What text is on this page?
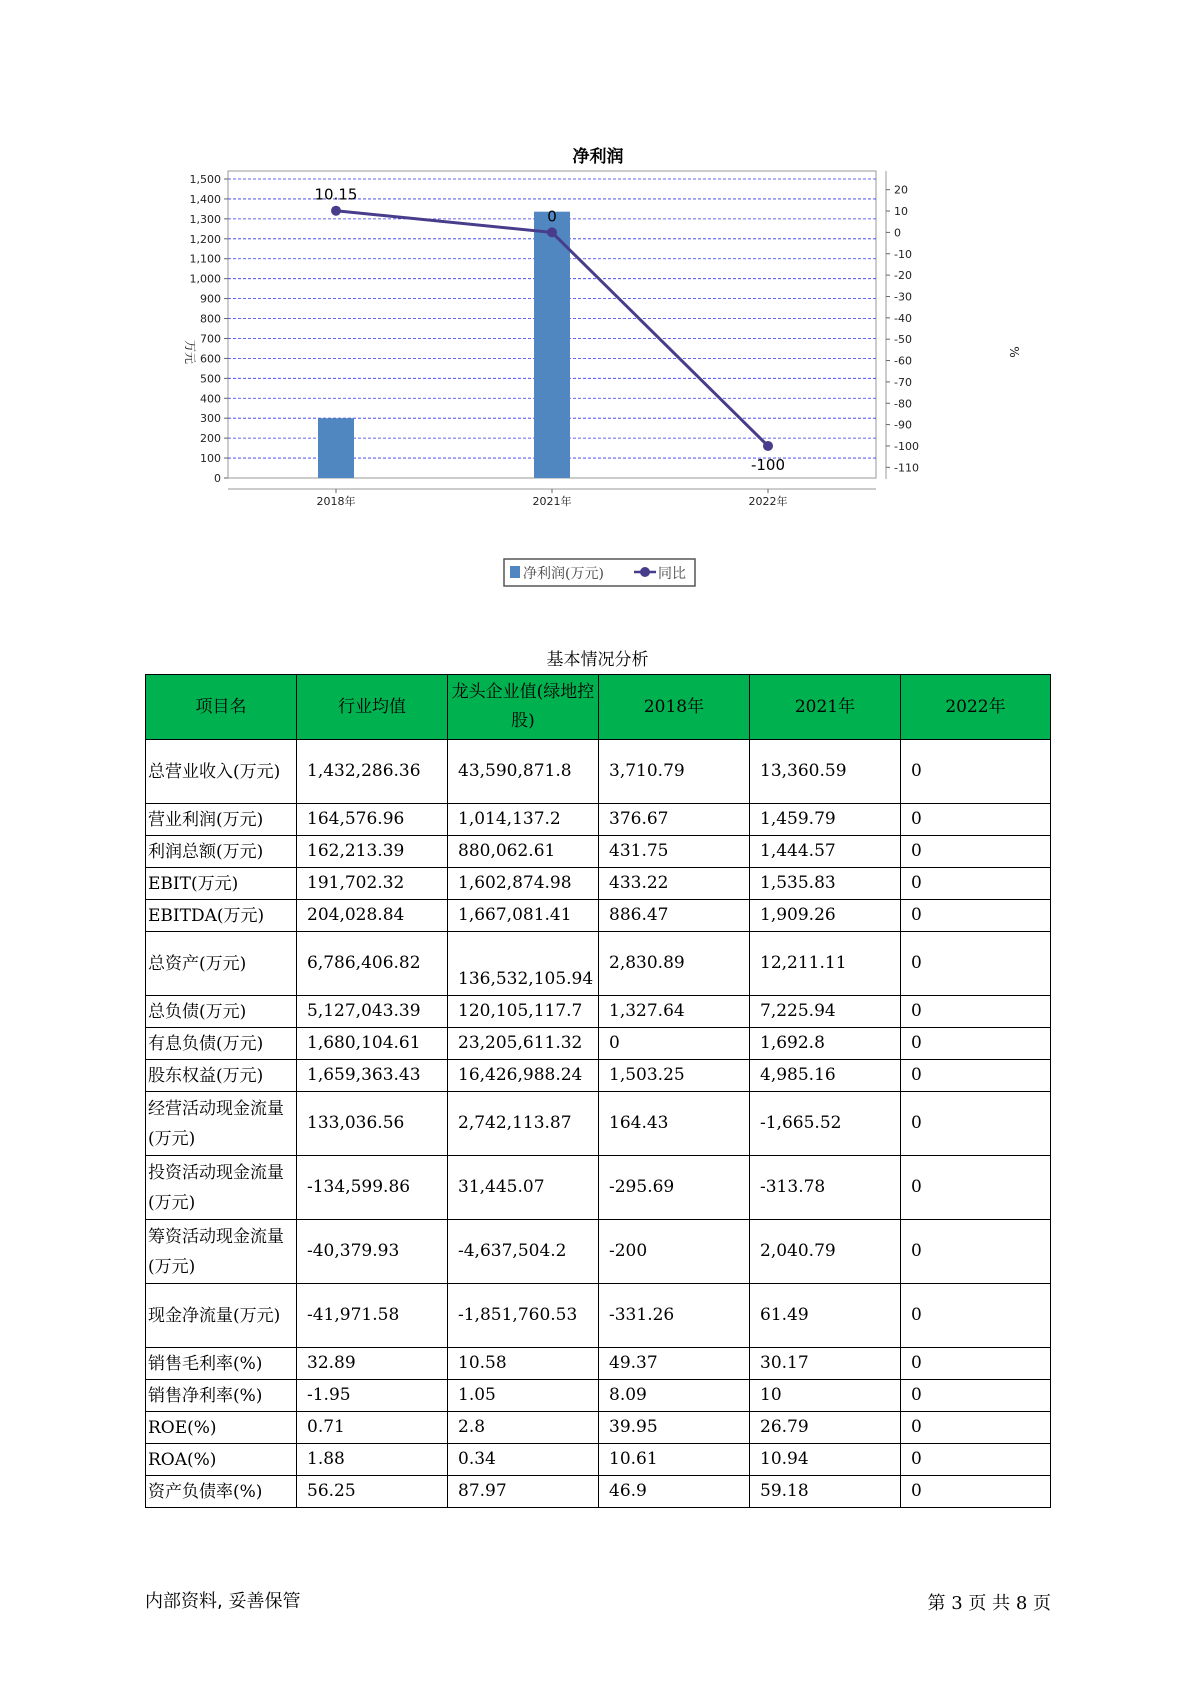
净利润
0
100
200
300
400
500
600
700
800
900
1,000
1,100
1,200
1,300
1,400
1,500
20
10
0
-10
-20
-30
-40
-50
-60
-70
-80
-90
-100
-110
2018年	2021年	2022年
10.15
0
-100
万元	%
净利润(万元)	同比
基本情况分析
项目名	行业均值	龙头企业值(绿地控股)	2018年	2021年	2022年
总营业收入(万元)	1,432,286.36	43,590,871.8	3,710.79	13,360.59	0
营业利润(万元)	164,576.96	1,014,137.2	376.67	1,459.79	0
利润总额(万元)	162,213.39	880,062.61	431.75	1,444.57	0
EBIT(万元)	191,702.32	1,602,874.98	433.22	1,535.83	0
EBITDA(万元)	204,028.84	1,667,081.41	886.47	1,909.26	0
总资产(万元)	6,786,406.82	136,532,105.94	2,830.89	12,211.11	0
总负债(万元)	5,127,043.39	120,105,117.7	1,327.64	7,225.94	0
有息负债(万元)	1,680,104.61	23,205,611.32	0	1,692.8	0
股东权益(万元)	1,659,363.43	16,426,988.24	1,503.25	4,985.16	0
经营活动现金流量(万元)	133,036.56	2,742,113.87	164.43	-1,665.52	0
投资活动现金流量(万元)	-134,599.86	31,445.07	-295.69	-313.78	0
筹资活动现金流量(万元)	-40,379.93	-4,637,504.2	-200	2,040.79	0
现金净流量(万元)	-41,971.58	-1,851,760.53	-331.26	61.49	0
销售毛利率(%)	32.89	10.58	49.37	30.17	0
销售净利率(%)	-1.95	1.05	8.09	10	0
ROE(%)	0.71	2.8	39.95	26.79	0
ROA(%)	1.88	0.34	10.61	10.94	0
资产负债率(%)	56.25	87.97	46.9	59.18	0
内部资料, 妥善保管	第 3 页 共 8 页
